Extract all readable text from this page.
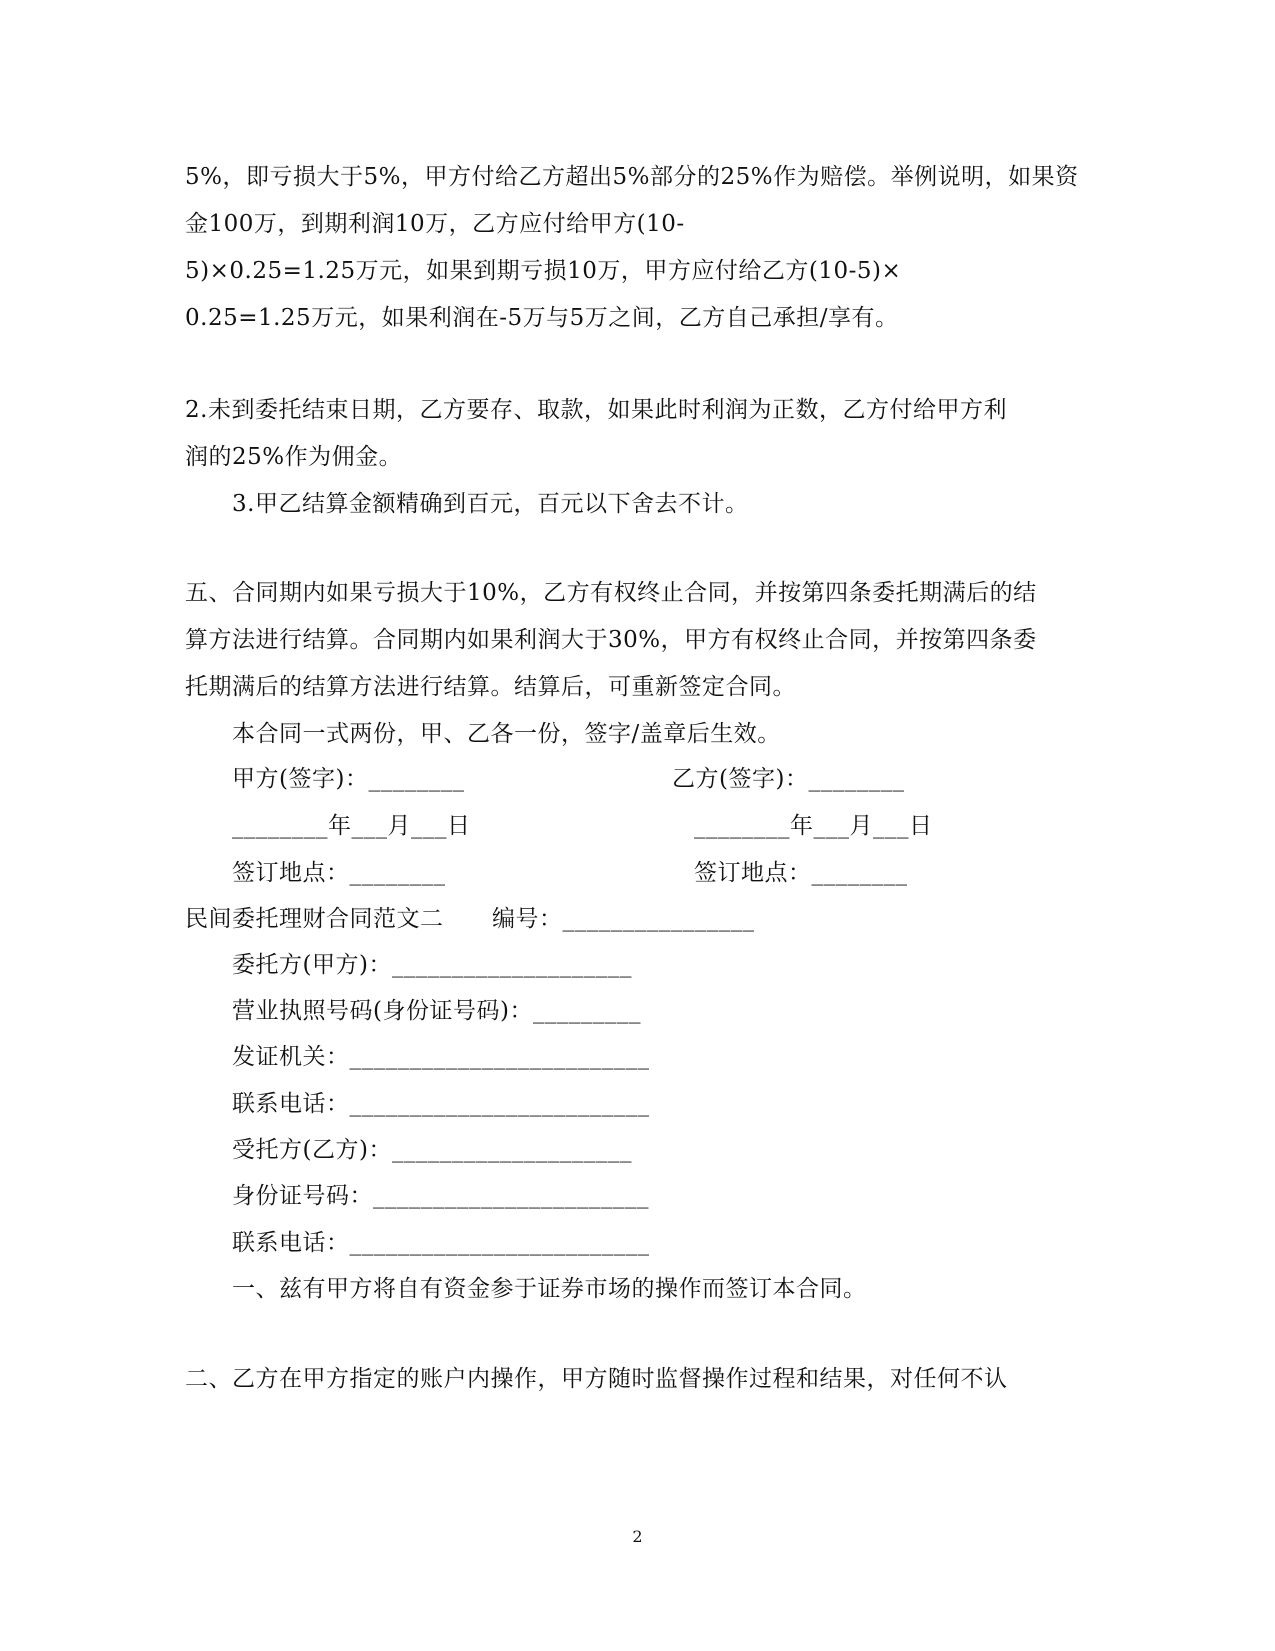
5%，即亏损大于5%，甲方付给乙方超出5%部分的25%作为赔偿。举例说明，如果资
金100万，到期利润10万，乙方应付给甲方(10-
5)×0.25=1.25万元，如果到期亏损10万，甲方应付给乙方(10-5)×
0.25=1.25万元，如果利润在-5万与5万之间，乙方自己承担/享有。
2.未到委托结束日期，乙方要存、取款，如果此时利润为正数，乙方付给甲方利
润的25%作为佣金。
3.甲乙结算金额精确到百元，百元以下舍去不计。
五、合同期内如果亏损大于10%，乙方有权终止合同，并按第四条委托期满后的结
算方法进行结算。合同期内如果利润大于30%，甲方有权终止合同，并按第四条委
托期满后的结算方法进行结算。结算后，可重新签定合同。
本合同一式两份，甲、乙各一份，签字/盖章后生效。
甲方(签字)：________	乙方(签字)：________
________年___月___日	________年___月___日
签订地点：________	签订地点：________
民间委托理财合同范文二 编号：________________
委托方(甲方)：____________________
营业执照号码(身份证号码)：_________
发证机关：_________________________
联系电话：_________________________
受托方(乙方)：____________________
身份证号码：_______________________
联系电话：_________________________
一、兹有甲方将自有资金参于证券市场的操作而签订本合同。
二、乙方在甲方指定的账户内操作，甲方随时监督操作过程和结果，对任何不认
2
